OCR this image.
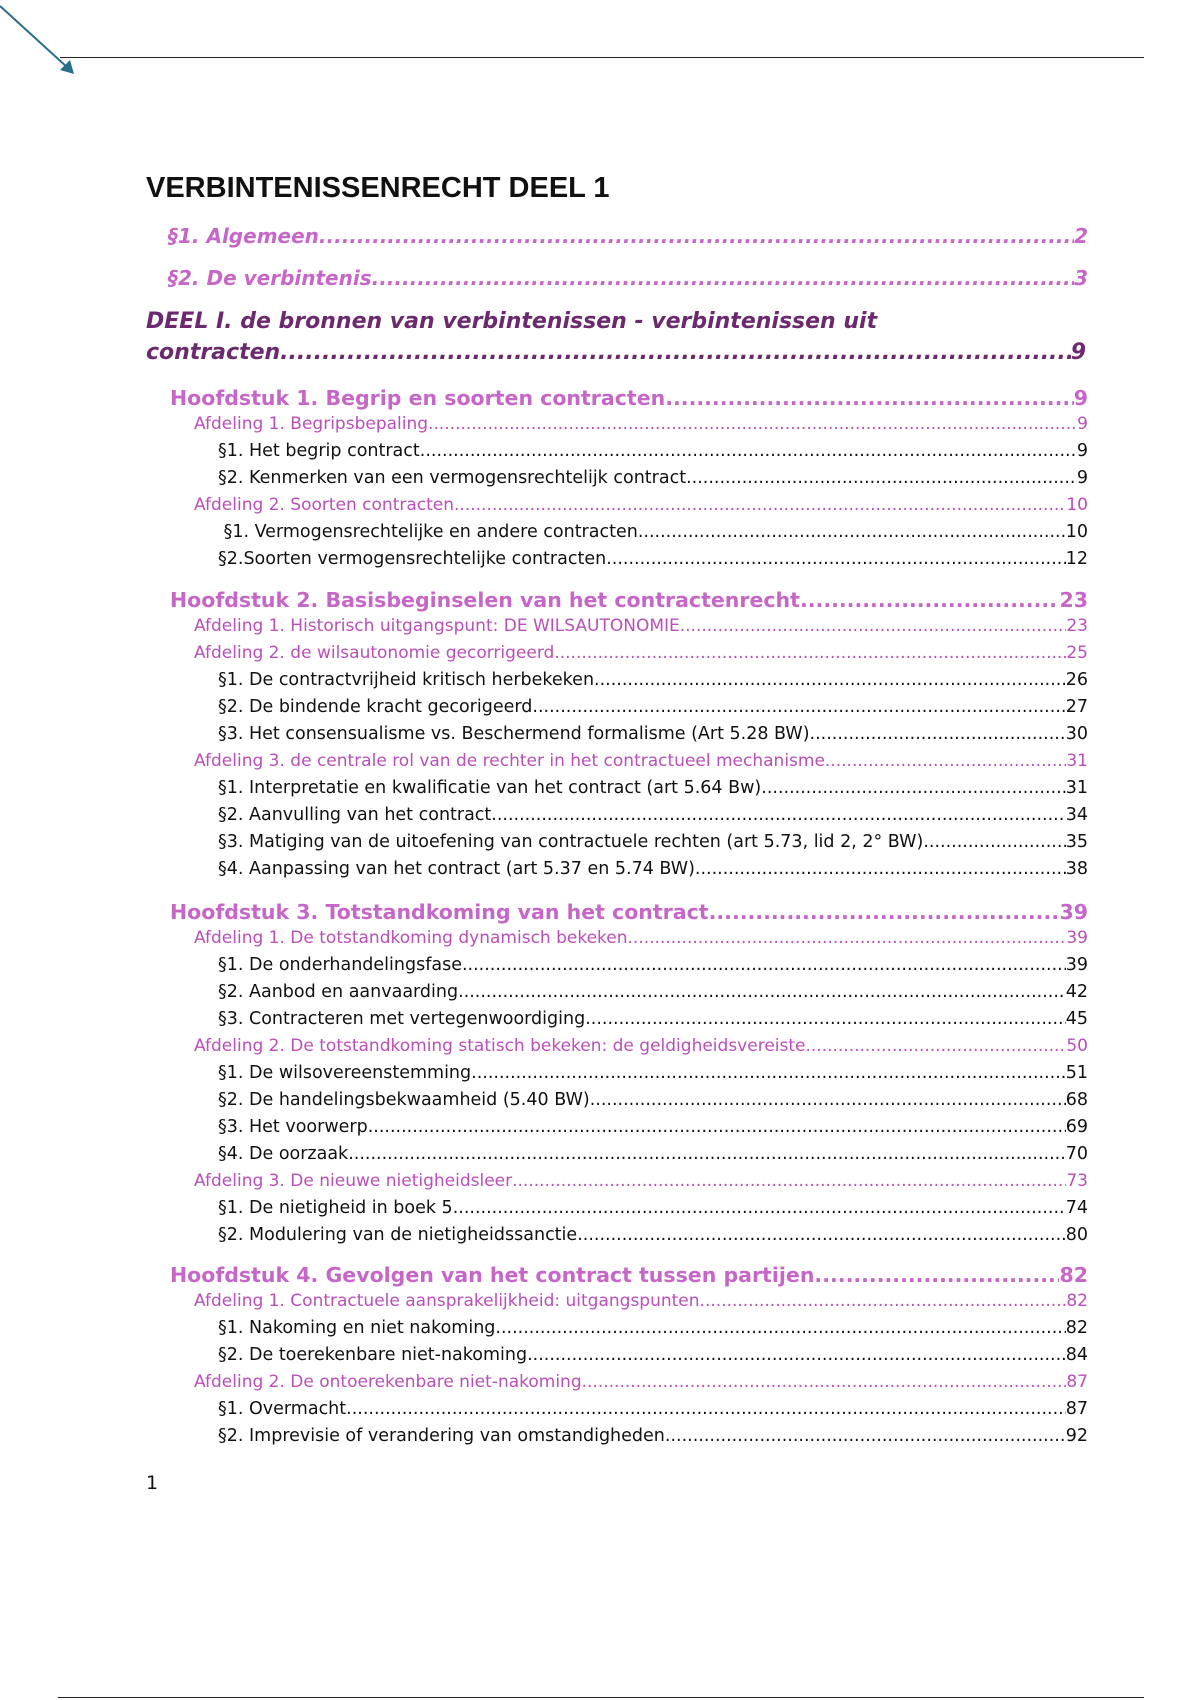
VERBINTENISSENRECHT DEEL 1
§1. Algemeen .....	2
§2. De verbintenis .....	3
DEEL I. de bronnen van verbintenissen - verbintenissen uit
contracten .....	9
Hoofdstuk 1. Begrip en soorten contracten .....	9
Afdeling 1. Begripsbepaling .....	9
§1. Het begrip contract .....	9
§2. Kenmerken van een vermogensrechtelijk contract .....	9
Afdeling 2. Soorten contracten .....	10
§1. Vermogensrechtelijke en andere contracten .....	10
§2.Soorten vermogensrechtelijke contracten .....	12
Hoofdstuk 2. Basisbeginselen van het contractenrecht .....	23
Afdeling 1. Historisch uitgangspunt: DE WILSAUTONOMIE .....	23
Afdeling 2. de wilsautonomie gecorrigeerd .....	25
§1. De contractvrijheid kritisch herbekeken .....	26
§2. De bindende kracht gecorigeerd .....	27
§3. Het consensualisme vs. Beschermend formalisme (Art 5.28 BW) .....	30
Afdeling 3. de centrale rol van de rechter in het contractueel mechanisme .....	31
§1. Interpretatie en kwalificatie van het contract (art 5.64 Bw) .....	31
§2. Aanvulling van het contract .....	34
§3. Matiging van de uitoefening van contractuele rechten (art 5.73, lid 2, 2° BW) .....	35
§4. Aanpassing van het contract (art 5.37 en 5.74 BW) .....	38
Hoofdstuk 3. Totstandkoming van het contract .....	39
Afdeling 1. De totstandkoming dynamisch bekeken .....	39
§1. De onderhandelingsfase .....	39
§2. Aanbod en aanvaarding .....	42
§3. Contracteren met vertegenwoordiging .....	45
Afdeling 2. De totstandkoming statisch bekeken: de geldigheidsvereiste .....	50
§1. De wilsovereenstemming .....	51
§2. De handelingsbekwaamheid (5.40 BW) .....	68
§3. Het voorwerp .....	69
§4. De oorzaak .....	70
Afdeling 3. De nieuwe nietigheidsleer .....	73
§1. De nietigheid in boek 5 .....	74
§2. Modulering van de nietigheidssanctie .....	80
Hoofdstuk 4. Gevolgen van het contract tussen partijen .....	82
Afdeling 1. Contractuele aansprakelijkheid: uitgangspunten .....	82
§1. Nakoming en niet nakoming .....	82
§2. De toerekenbare niet-nakoming .....	84
Afdeling 2. De ontoerekenbare niet-nakoming .....	87
§1. Overmacht .....	87
§2. Imprevisie of verandering van omstandigheden .....	92
1
